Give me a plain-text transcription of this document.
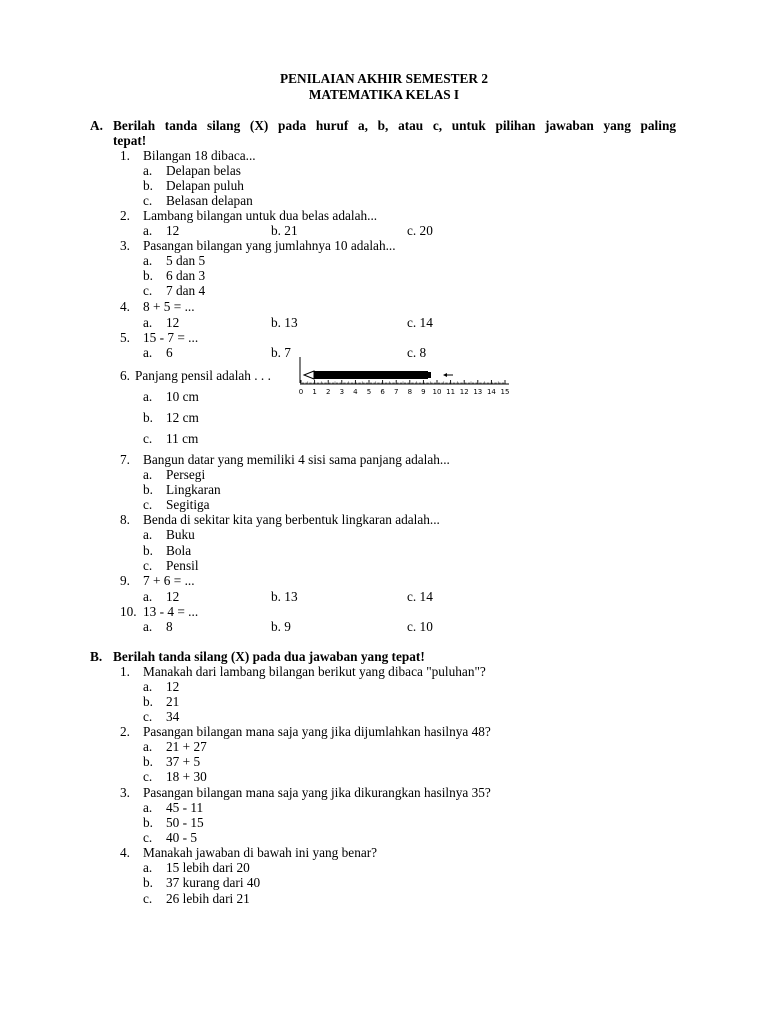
PENILAIAN AKHIR SEMESTER 2
MATEMATIKA KELAS I
A. Berilah tanda silang (X) pada huruf a, b, atau c, untuk pilihan jawaban yang paling
tepat!
1. Bilangan 18 dibaca...
a. Delapan belas
b. Delapan puluh
c. Belasan delapan
2. Lambang bilangan untuk dua belas adalah...
a. 12	b. 21	c. 20
3. Pasangan bilangan yang jumlahnya 10 adalah...
a. 5 dan 5
b. 6 dan 3
c. 7 dan 4
4. 8 + 5 = ...
a. 12	b. 13	c. 14
5. 15 - 7 = ...
a. 6	b. 7	c. 8
6. Panjang pensil adalah . . .
0 1 2 3 4 5 6 7 8 9 10 11 12 13 14 15
a. 10 cm
b. 12 cm
c. 11 cm
7. Bangun datar yang memiliki 4 sisi sama panjang adalah...
a. Persegi
b. Lingkaran
c. Segitiga
8. Benda di sekitar kita yang berbentuk lingkaran adalah...
a. Buku
b. Bola
c. Pensil
9. 7 + 6 = ...
a. 12	b. 13	c. 14
10. 13 - 4 = ...
a. 8	b. 9	c. 10
B. Berilah tanda silang (X) pada dua jawaban yang tepat!
1. Manakah dari lambang bilangan berikut yang dibaca "puluhan"?
a. 12
b. 21
c. 34
2. Pasangan bilangan mana saja yang jika dijumlahkan hasilnya 48?
a. 21 + 27
b. 37 + 5
c. 18 + 30
3. Pasangan bilangan mana saja yang jika dikurangkan hasilnya 35?
a. 45 - 11
b. 50 - 15
c. 40 - 5
4. Manakah jawaban di bawah ini yang benar?
a. 15 lebih dari 20
b. 37 kurang dari 40
c. 26 lebih dari 21
